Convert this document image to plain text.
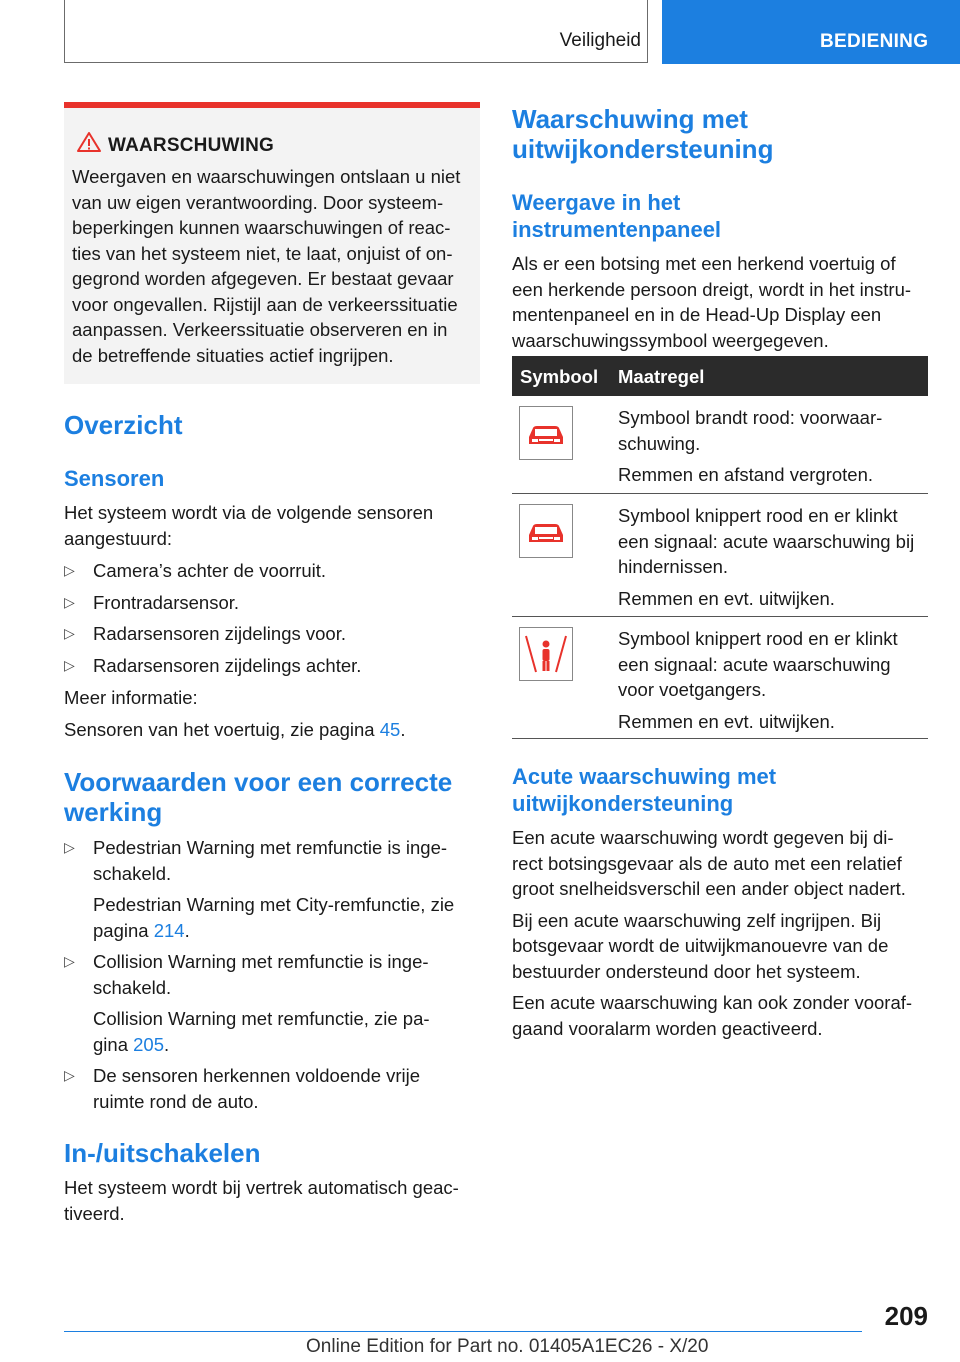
Veiligheid	BEDIENING
WAARSCHUWING
Weergaven en waarschuwingen ontslaan u niet
van uw eigen verantwoording. Door systeem-
beperkingen kunnen waarschuwingen of reac-
ties van het systeem niet, te laat, onjuist of on-
gegrond worden afgegeven. Er bestaat gevaar
voor ongevallen. Rijstijl aan de verkeerssituatie
aanpassen. Verkeerssituatie observeren en in
de betreffende situaties actief ingrijpen.
Overzicht
Sensoren
Het systeem wordt via de volgende sensoren
aangestuurd:
▷ Camera’s achter de voorruit.
▷ Frontradarsensor.
▷ Radarsensoren zijdelings voor.
▷ Radarsensoren zijdelings achter.
Meer informatie:
Sensoren van het voertuig, zie pagina 45.
Voorwaarden voor een correcte
werking
▷ Pedestrian Warning met remfunctie is inge-
schakeld.
Pedestrian Warning met City-remfunctie, zie
pagina 214.
▷ Collision Warning met remfunctie is inge-
schakeld.
Collision Warning met remfunctie, zie pa-
gina 205.
▷ De sensoren herkennen voldoende vrije
ruimte rond de auto.
In-/uitschakelen
Het systeem wordt bij vertrek automatisch geac-
tiveerd.
Waarschuwing met
uitwijkondersteuning
Weergave in het
instrumentenpaneel
Als er een botsing met een herkend voertuig of
een herkende persoon dreigt, wordt in het instru-
mentenpaneel en in de Head-Up Display een
waarschuwingssymbool weergegeven.
Symbool Maatregel
Symbool brandt rood: voorwaar-
schuwing.
Remmen en afstand vergroten.
Symbool knippert rood en er klinkt
een signaal: acute waarschuwing bij
hindernissen.
Remmen en evt. uitwijken.
Symbool knippert rood en er klinkt
een signaal: acute waarschuwing
voor voetgangers.
Remmen en evt. uitwijken.
Acute waarschuwing met
uitwijkondersteuning
Een acute waarschuwing wordt gegeven bij di-
rect botsingsgevaar als de auto met een relatief
groot snelheidsverschil een ander object nadert.
Bij een acute waarschuwing zelf ingrijpen. Bij
botsgevaar wordt de uitwijkmanouevre van de
bestuurder ondersteund door het systeem.
Een acute waarschuwing kan ook zonder vooraf-
gaand vooralarm worden geactiveerd.
209
Online Edition for Part no. 01405A1EC26 - X/20
